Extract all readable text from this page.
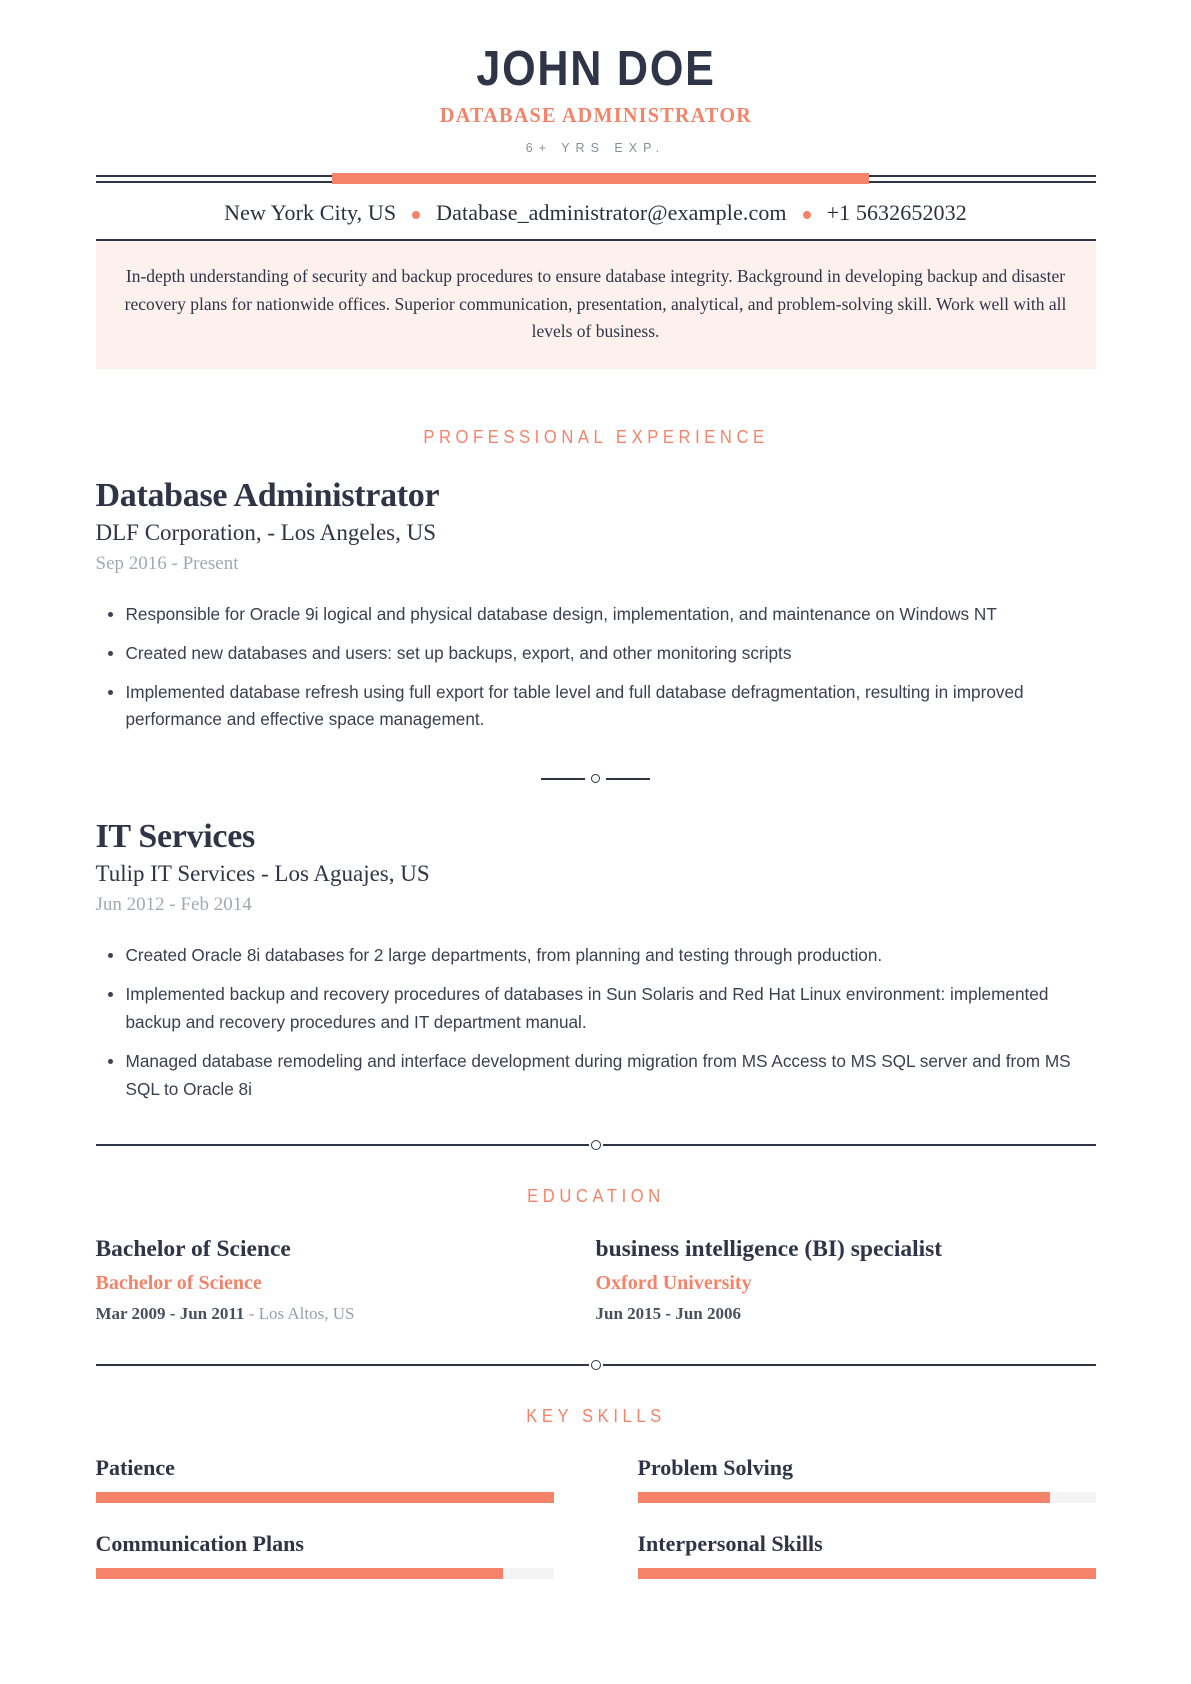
JOHN DOE
DATABASE ADMINISTRATOR
6+ YRS EXP.
New York City, US Database_administrator@example.com +1 5632652032
In-depth understanding of security and backup procedures to ensure database integrity. Background in developing backup and disaster recovery plans for nationwide offices. Superior communication, presentation, analytical, and problem-solving skill. Work well with all levels of business.
PROFESSIONAL EXPERIENCE
Database Administrator
DLF Corporation, - Los Angeles, US
Sep 2016 - Present
Responsible for Oracle 9i logical and physical database design, implementation, and maintenance on Windows NT
Created new databases and users: set up backups, export, and other monitoring scripts
Implemented database refresh using full export for table level and full database defragmentation, resulting in improved performance and effective space management.
IT Services
Tulip IT Services - Los Aguajes, US
Jun 2012 - Feb 2014
Created Oracle 8i databases for 2 large departments, from planning and testing through production.
Implemented backup and recovery procedures of databases in Sun Solaris and Red Hat Linux environment: implemented backup and recovery procedures and IT department manual.
Managed database remodeling and interface development during migration from MS Access to MS SQL server and from MS SQL to Oracle 8i
EDUCATION
Bachelor of Science
Bachelor of Science
Mar 2009 - Jun 2011 - Los Altos, US
business intelligence (BI) specialist
Oxford University
Jun 2015 - Jun 2006
KEY SKILLS
Patience	Problem Solving
Communication Plans	Interpersonal Skills
